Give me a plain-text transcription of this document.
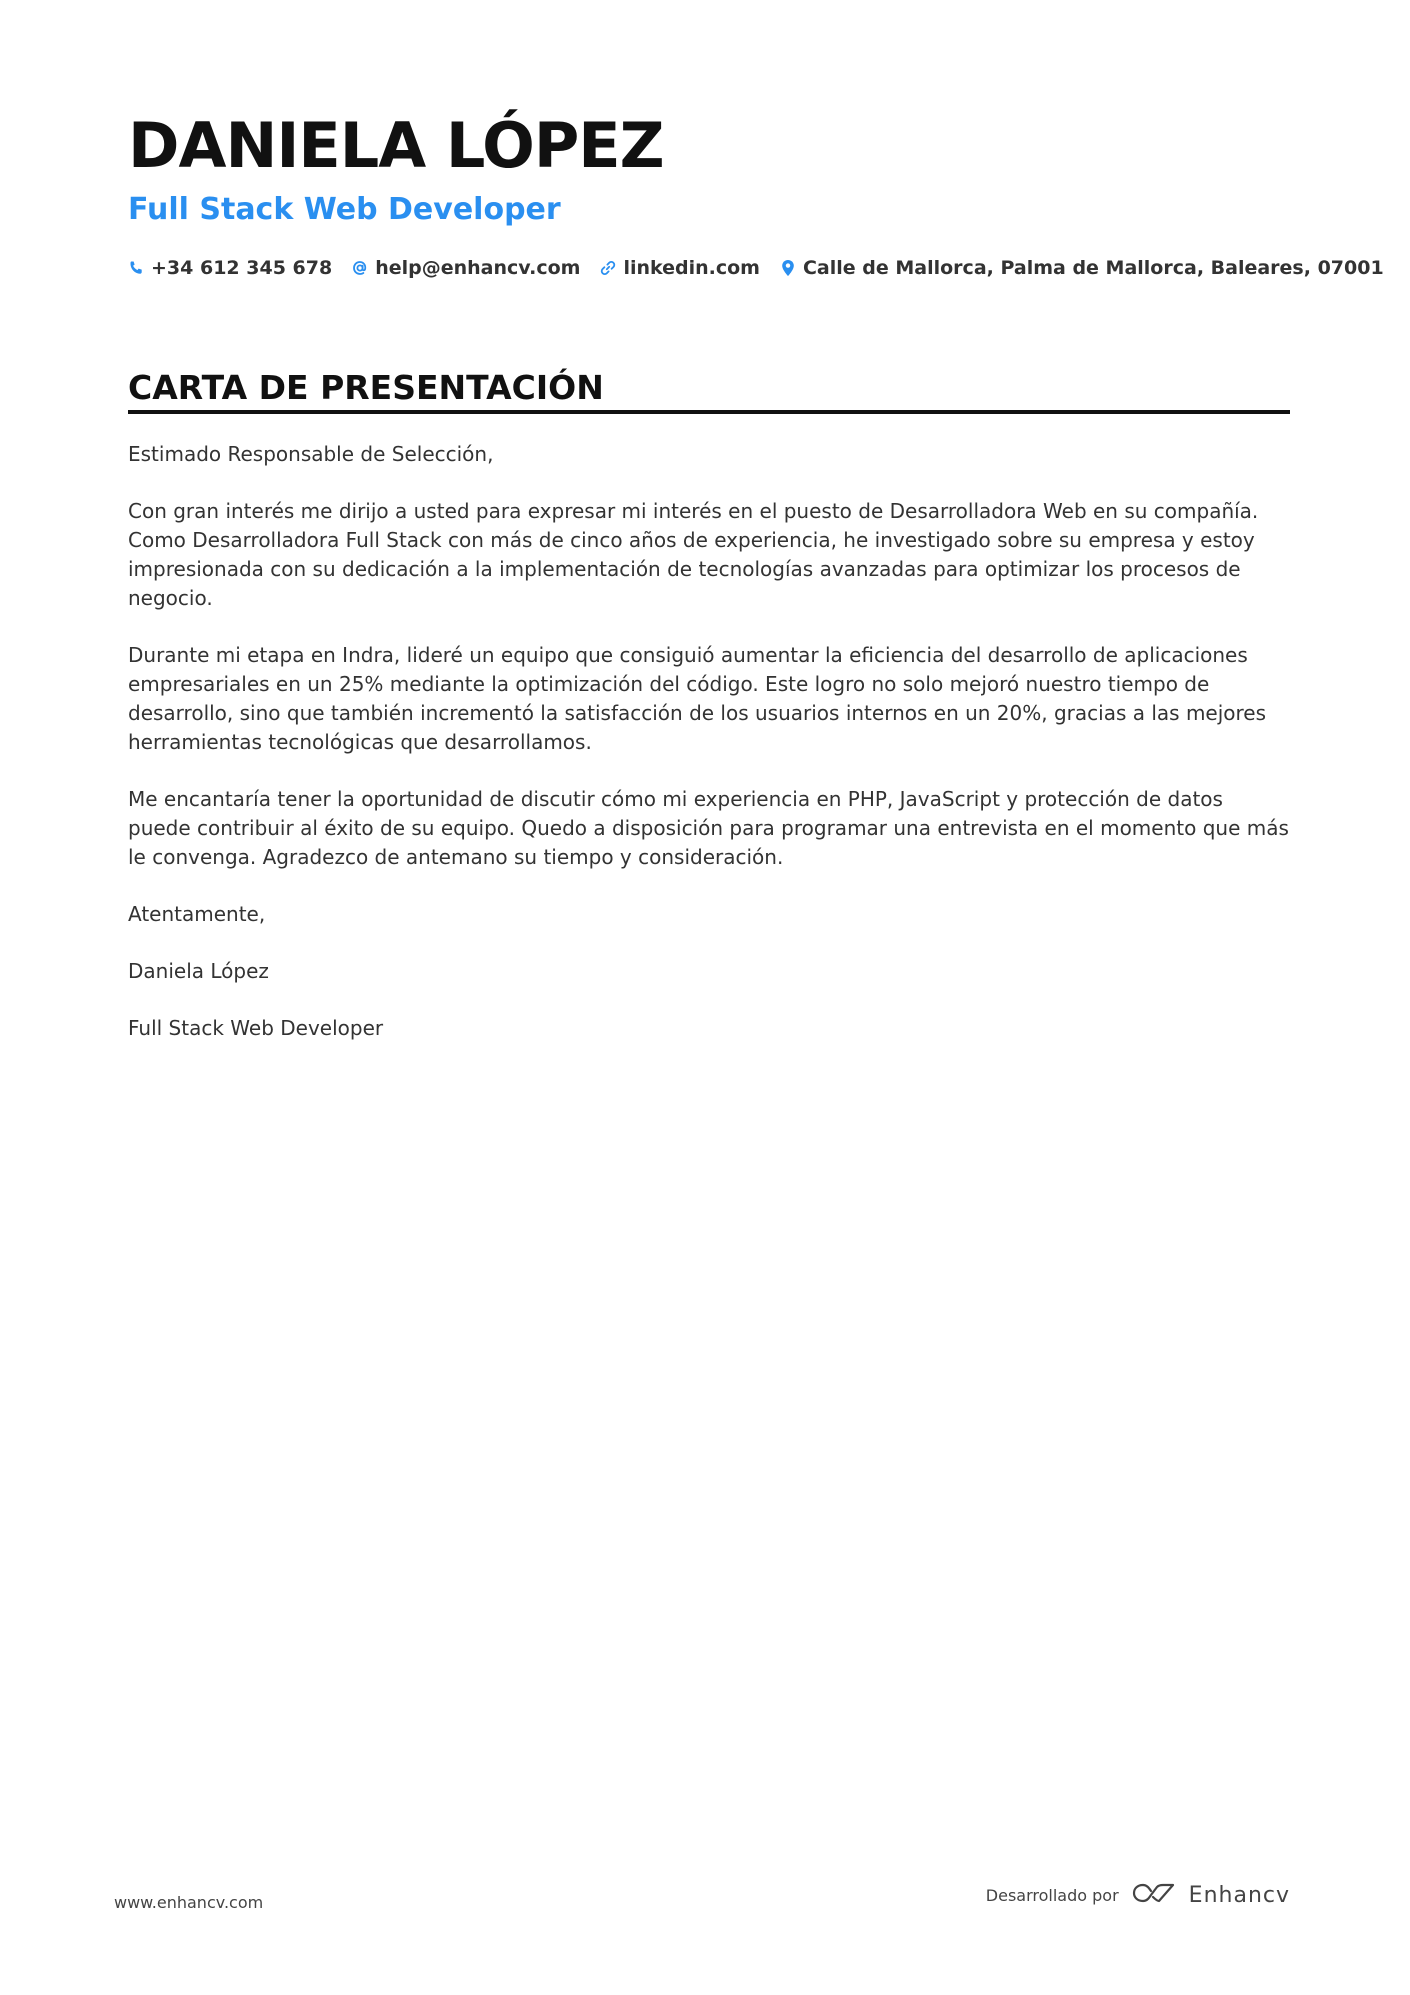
DANIELA LÓPEZ
Full Stack Web Developer
+34 612 345 678 help@enhancv.com linkedin.com Calle de Mallorca, Palma de Mallorca, Baleares, 07001
CARTA DE PRESENTACIÓN

Estimado Responsable de Selección,

Con gran interés me dirijo a usted para expresar mi interés en el puesto de Desarrolladora Web en su compañía. Como Desarrolladora Full Stack con más de cinco años de experiencia, he investigado sobre su empresa y estoy impresionada con su dedicación a la implementación de tecnologías avanzadas para optimizar los procesos de negocio.

Durante mi etapa en Indra, lideré un equipo que consiguió aumentar la eficiencia del desarrollo de aplicaciones empresariales en un 25% mediante la optimización del código. Este logro no solo mejoró nuestro tiempo de desarrollo, sino que también incrementó la satisfacción de los usuarios internos en un 20%, gracias a las mejores herramientas tecnológicas que desarrollamos.

Me encantaría tener la oportunidad de discutir cómo mi experiencia en PHP, JavaScript y protección de datos puede contribuir al éxito de su equipo. Quedo a disposición para programar una entrevista en el momento que más le convenga. Agradezco de antemano su tiempo y consideración.

Atentamente,

Daniela López

Full Stack Web Developer

www.enhancv.com	Desarrollado por	Enhancv
